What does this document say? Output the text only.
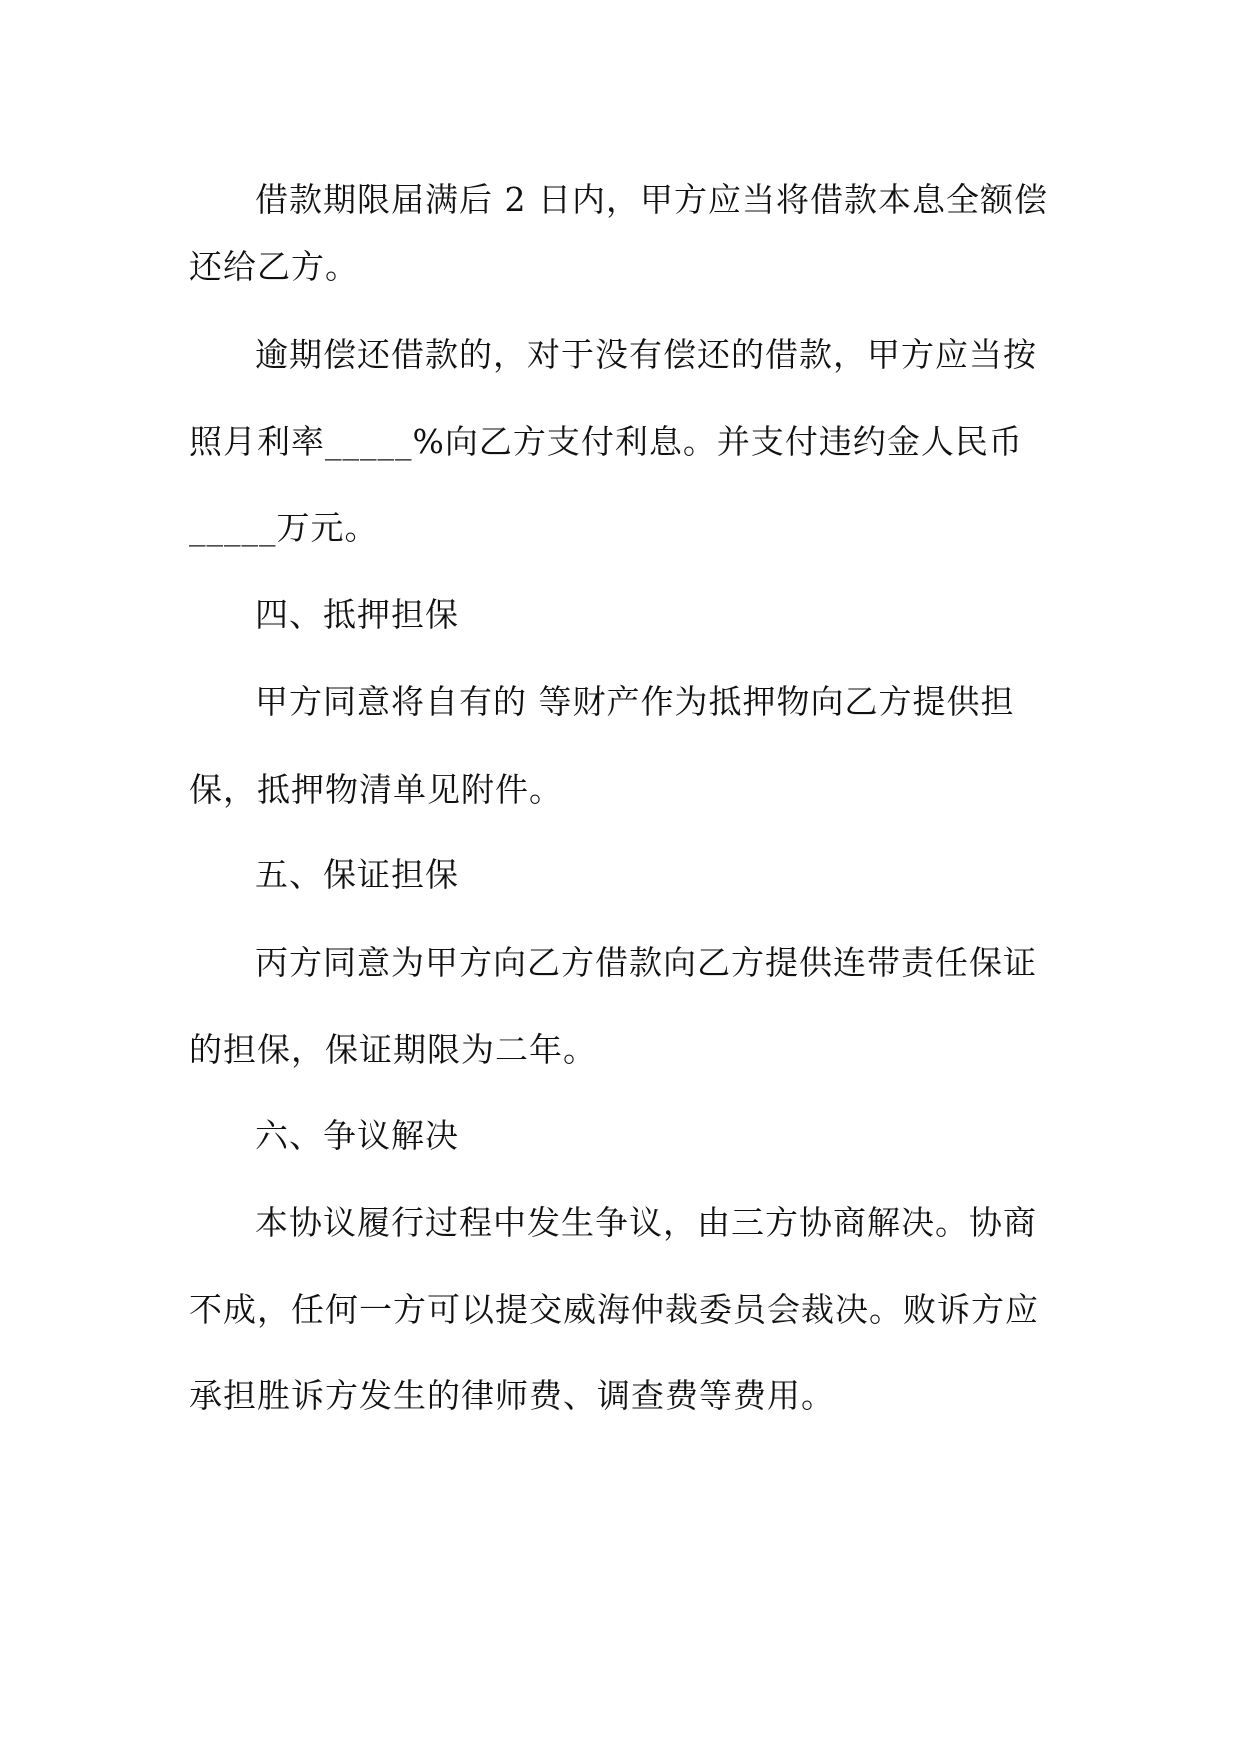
借款期限届满后 2 日内，甲方应当将借款本息全额偿
还给乙方。
逾期偿还借款的，对于没有偿还的借款，甲方应当按
照月利率_____%向乙方支付利息。并支付违约金人民币
_____万元。
四、抵押担保
甲方同意将自有的 等财产作为抵押物向乙方提供担
保，抵押物清单见附件。
五、保证担保
丙方同意为甲方向乙方借款向乙方提供连带责任保证
的担保，保证期限为二年。
六、争议解决
本协议履行过程中发生争议，由三方协商解决。协商
不成，任何一方可以提交威海仲裁委员会裁决。败诉方应
承担胜诉方发生的律师费、调查费等费用。
